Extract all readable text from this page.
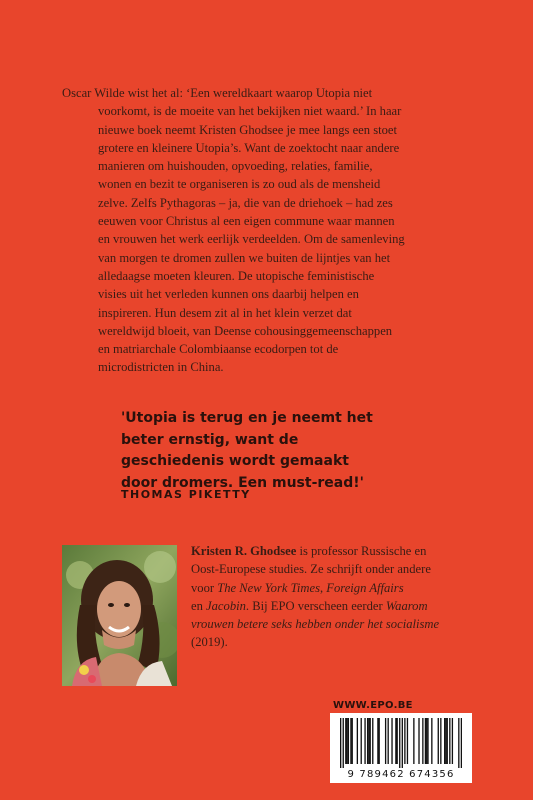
Oscar Wilde wist het al: ‘Een wereldkaart waarop Utopia niet
voorkomt, is de moeite van het bekijken niet waard.’ In haar
nieuwe boek neemt Kristen Ghodsee je mee langs een stoet
grotere en kleinere Utopia’s. Want de zoektocht naar andere
manieren om huishouden, opvoeding, relaties, familie,
wonen en bezit te organiseren is zo oud als de mensheid
zelve. Zelfs Pythagoras – ja, die van de driehoek – had zes
eeuwen voor Christus al een eigen commune waar mannen
en vrouwen het werk eerlijk verdeelden. Om de samenleving
van morgen te dromen zullen we buiten de lijntjes van het
alledaagse moeten kleuren. De utopische feministische
visies uit het verleden kunnen ons daarbij helpen en
inspireren. Hun desem zit al in het klein verzet dat
wereldwijd bloeit, van Deense cohousinggemeenschappen
en matriarchale Colombiaanse ecodorpen tot de
microdistricten in China.
'Utopia is terug en je neemt het
beter ernstig, want de
geschiedenis wordt gemaakt
door dromers. Een must-read!'
THOMAS PIKETTY
Kristen R. Ghodsee is professor Russische en
Oost-Europese studies. Ze schrijft onder andere
voor The New York Times, Foreign Affairs
en Jacobin. Bij EPO verscheen eerder Waarom
vrouwen betere seks hebben onder het socialisme
(2019).
WWW.EPO.BE
9 789462 674356
